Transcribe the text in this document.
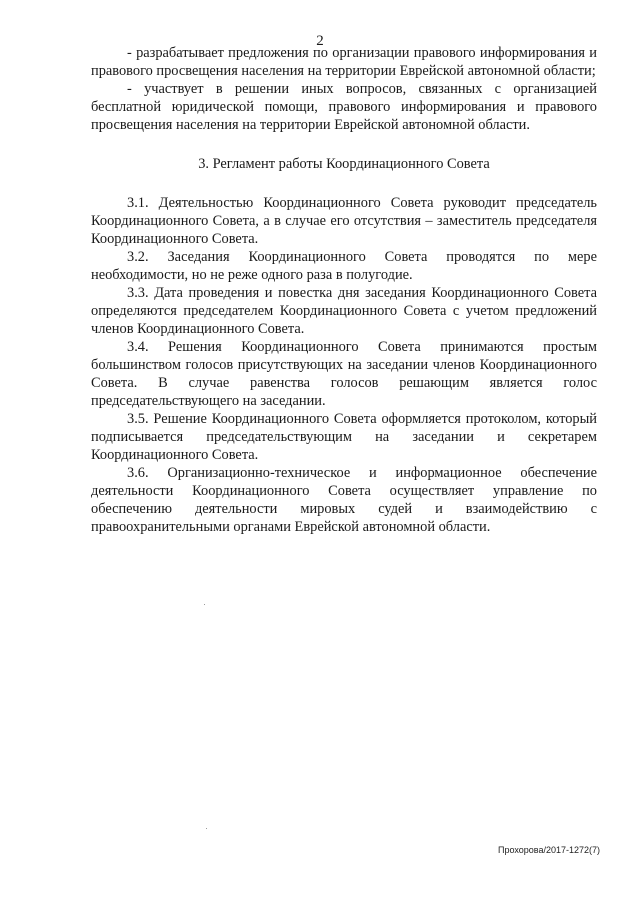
2

- разрабатывает предложения по организации правового информирования и правового просвещения населения на территории Еврейской автономной области;

- участвует в решении иных вопросов, связанных с организацией бесплатной юридической помощи, правового информирования и правового просвещения населения на территории Еврейской автономной области.

3. Регламент работы Координационного Совета

3.1. Деятельностью Координационного Совета руководит председатель Координационного Совета, а в случае его отсутствия – заместитель председателя Координационного Совета.

3.2. Заседания Координационного Совета проводятся по мере необходимости, но не реже одного раза в полугодие.

3.3. Дата проведения и повестка дня заседания Координационного Совета определяются председателем Координационного Совета с учетом предложений членов Координационного Совета.

3.4. Решения Координационного Совета принимаются простым большинством голосов присутствующих на заседании членов Координационного Совета. В случае равенства голосов решающим является голос председательствующего на заседании.

3.5. Решение Координационного Совета оформляется протоколом, который подписывается председательствующим на заседании и секретарем Координационного Совета.

3.6. Организационно-техническое и информационное обеспечение деятельности Координационного Совета осуществляет управление по обеспечению деятельности мировых судей и взаимодействию с правоохранительными органами Еврейской автономной области.

Прохорова/2017-1272(7)
